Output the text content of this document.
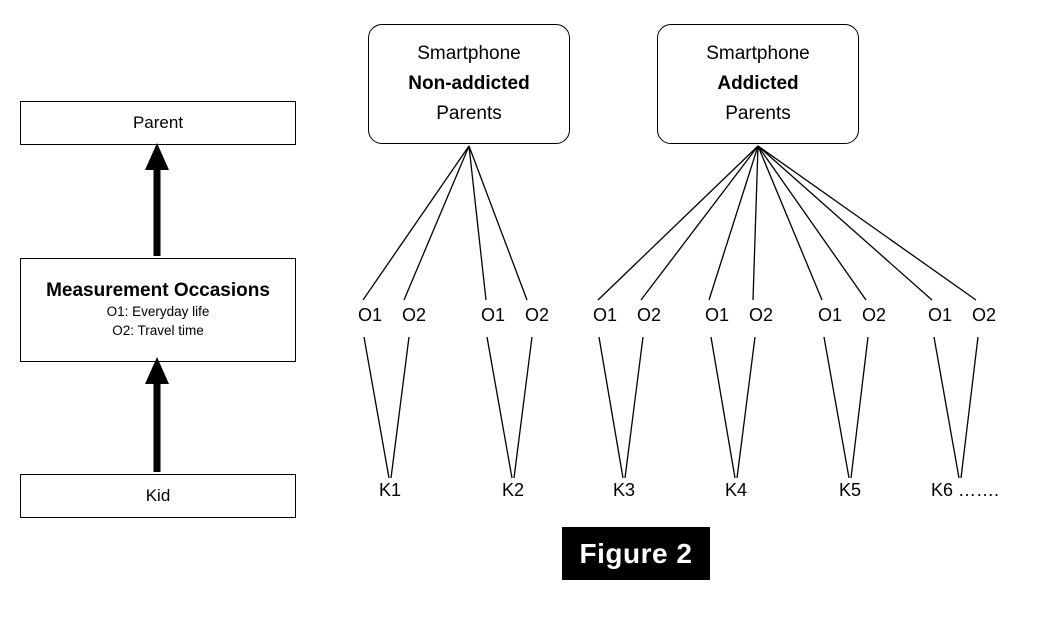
Parent
Measurement Occasions
O1: Everyday life
O2: Travel time
Kid
Smartphone
Non-addicted
Parents
Smartphone
Addicted
Parents
O1	O2	O1	O2	O1	O2	O1	O2	O1	O2	O1	O2
K1	K2	K3	K4	K5	K6 …….
Figure 2
